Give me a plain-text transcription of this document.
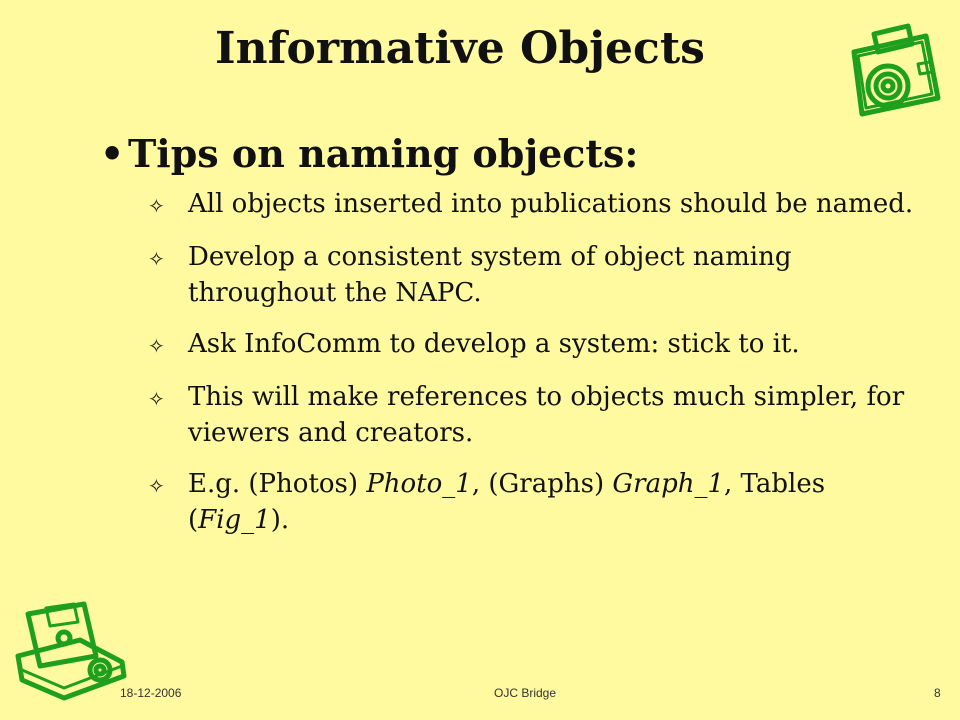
Informative Objects
• Tips on naming objects:
✧ All objects inserted into publications should be named.
✧ Develop a consistent system of object naming throughout the NAPC.
✧ Ask InfoComm to develop a system: stick to it.
✧ This will make references to objects much simpler, for viewers and creators.
✧ E.g. (Photos) Photo_1, (Graphs) Graph_1, Tables (Fig_1).
18-12-2006	OJC Bridge	8
